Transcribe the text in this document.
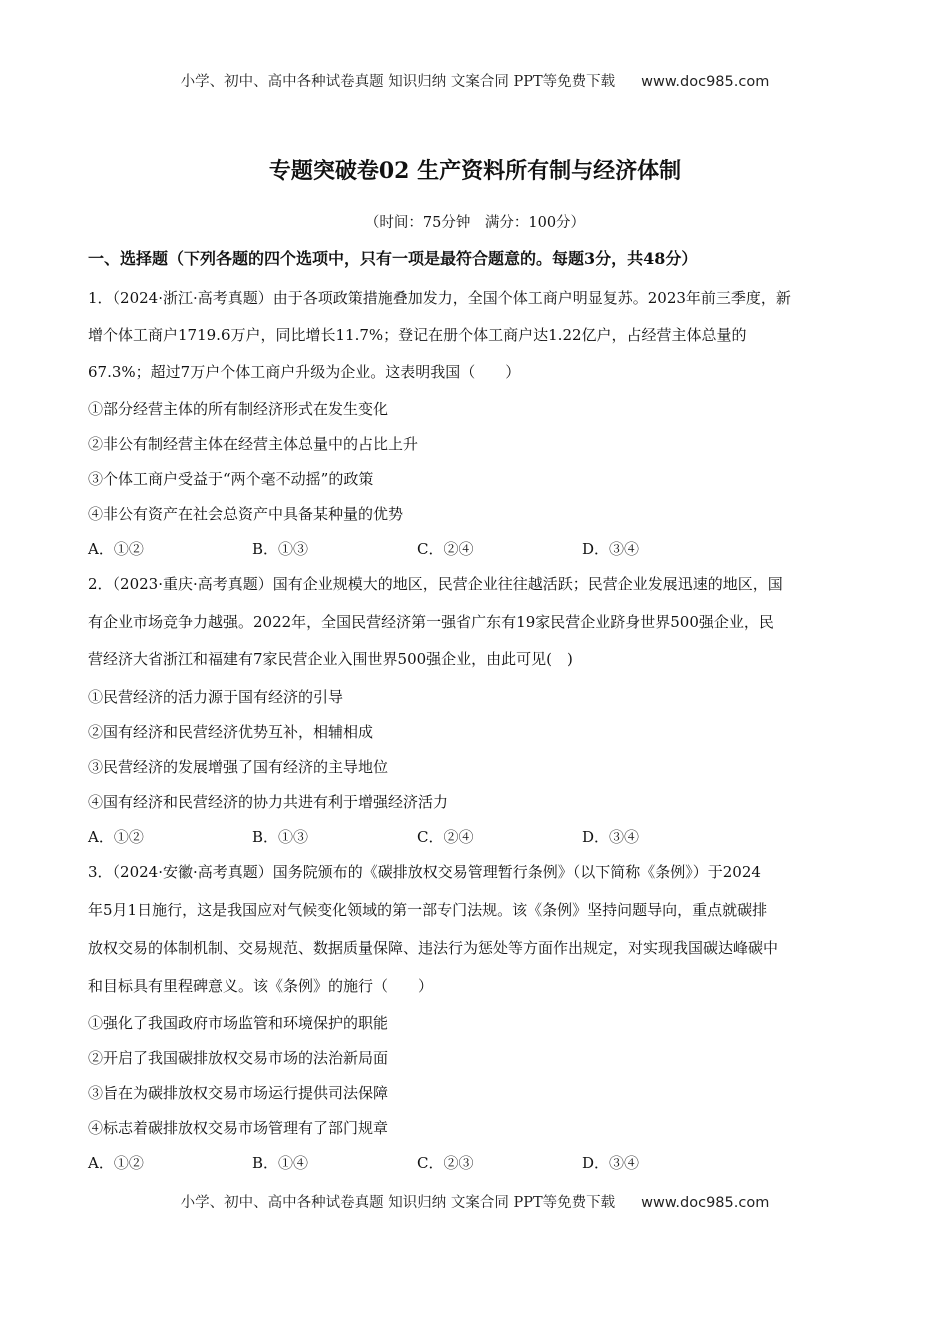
小学、初中、高中各种试卷真题 知识归纳 文案合同 PPT等免费下载 www.doc985.com
专题突破卷02 生产资料所有制与经济体制
（时间：75分钟　满分：100分）
一、选择题（下列各题的四个选项中，只有一项是最符合题意的。每题3分，共48分）
1．（2024·浙江·高考真题）由于各项政策措施叠加发力，全国个体工商户明显复苏。2023年前三季度，新
增个体工商户1719.6万户，同比增长11.7%；登记在册个体工商户达1.22亿户，占经营主体总量的
67.3%；超过7万户个体工商户升级为企业。这表明我国（　　）
①部分经营主体的所有制经济形式在发生变化
②非公有制经营主体在经营主体总量中的占比上升
③个体工商户受益于“两个毫不动摇”的政策
④非公有资产在社会总资产中具备某种量的优势
A．①②	B．①③	C．②④	D．③④
2．（2023·重庆·高考真题）国有企业规模大的地区，民营企业往往越活跃；民营企业发展迅速的地区，国
有企业市场竞争力越强。2022年，全国民营经济第一强省广东有19家民营企业跻身世界500强企业，民
营经济大省浙江和福建有7家民营企业入围世界500强企业，由此可见(　)
①民营经济的活力源于国有经济的引导
②国有经济和民营经济优势互补，相辅相成
③民营经济的发展增强了国有经济的主导地位
④国有经济和民营经济的协力共进有利于增强经济活力
A．①②	B．①③	C．②④	D．③④
3．（2024·安徽·高考真题）国务院颁布的《碳排放权交易管理暂行条例》（以下简称《条例》）于2024
年5月1日施行，这是我国应对气候变化领域的第一部专门法规。该《条例》坚持问题导向，重点就碳排
放权交易的体制机制、交易规范、数据质量保障、违法行为惩处等方面作出规定，对实现我国碳达峰碳中
和目标具有里程碑意义。该《条例》的施行（　　）
①强化了我国政府市场监管和环境保护的职能
②开启了我国碳排放权交易市场的法治新局面
③旨在为碳排放权交易市场运行提供司法保障
④标志着碳排放权交易市场管理有了部门规章
A．①②	B．①④	C．②③	D．③④
小学、初中、高中各种试卷真题 知识归纳 文案合同 PPT等免费下载 www.doc985.com
